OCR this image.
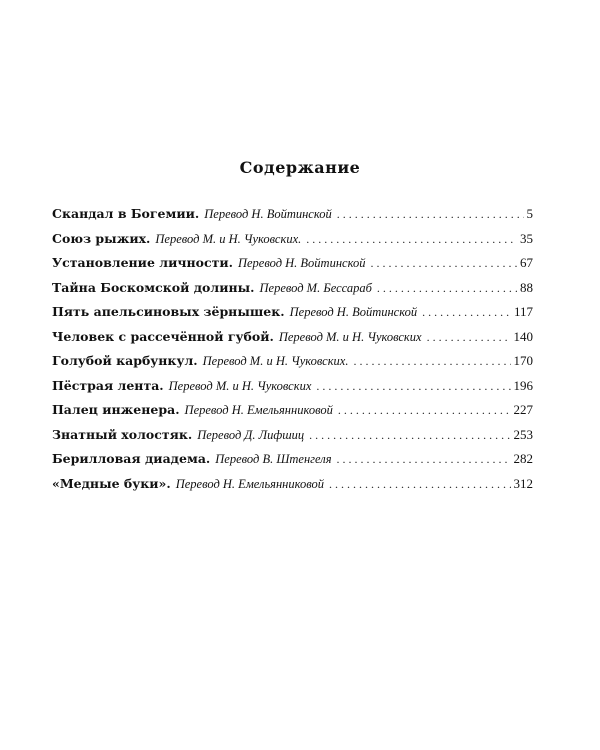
Содержание
Скандал в Богемии. Перевод Н. Войтинской . . .	5
Союз рыжих. Перевод М. и Н. Чуковских. . . .	35
Установление личности. Перевод Н. Войтинской . . .	67
Тайна Боскомской долины. Перевод М. Бессараб . . .	88
Пять апельсиновых зёрнышек. Перевод Н. Войтинской . . .	117
Человек с рассечённой губой. Перевод М. и Н. Чуковских . . .	140
Голубой карбункул. Перевод М. и Н. Чуковских. . . .	170
Пёстрая лента. Перевод М. и Н. Чуковских . . .	196
Палец инженера. Перевод Н. Емельянниковой . . .	227
Знатный холостяк. Перевод Д. Лифшиц . . .	253
Берилловая диадема. Перевод В. Штенгеля . . .	282
«Медные буки». Перевод Н. Емельянниковой . . .	312
